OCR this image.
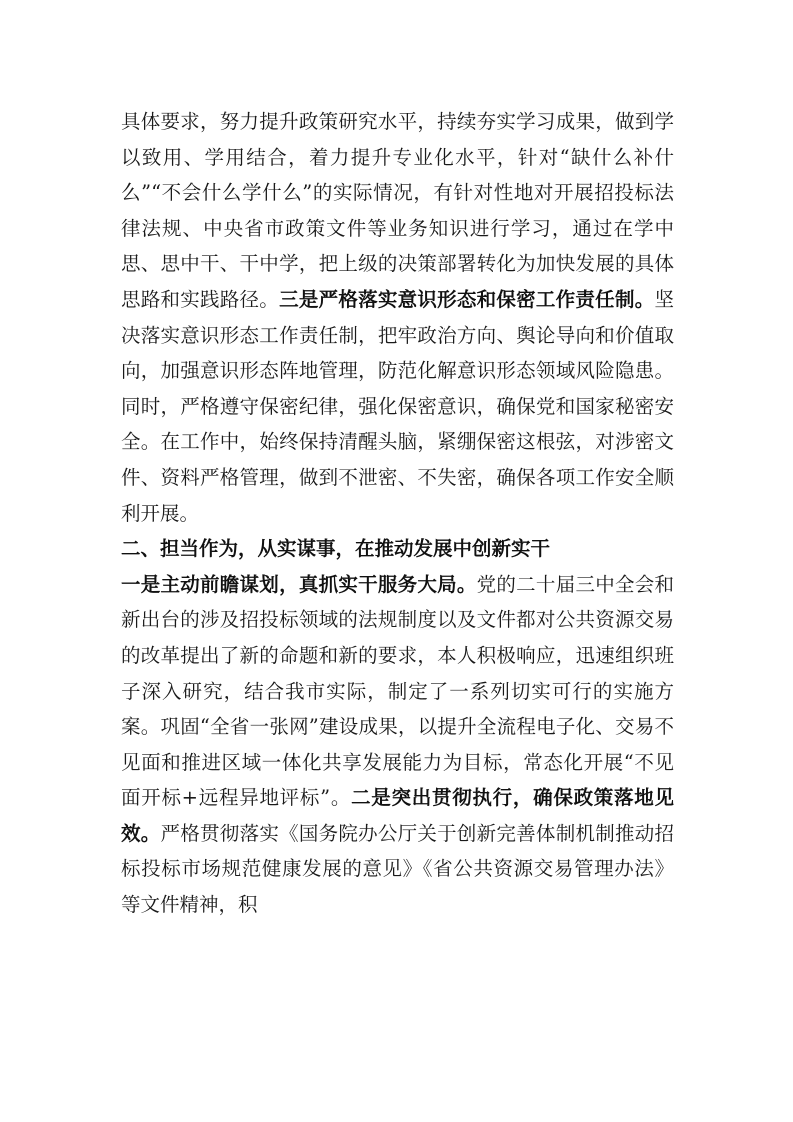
具体要求，努力提升政策研究水平，持续夯实学习成果，做到学以致用、学用结合，着力提升专业化水平，针对“缺什么补什么”“不会什么学什么”的实际情况，有针对性地对开展招投标法律法规、中央省市政策文件等业务知识进行学习，通过在学中思、思中干、干中学，把上级的决策部署转化为加快发展的具体思路和实践路径。三是严格落实意识形态和保密工作责任制。坚决落实意识形态工作责任制，把牢政治方向、舆论导向和价值取向，加强意识形态阵地管理，防范化解意识形态领域风险隐患。同时，严格遵守保密纪律，强化保密意识，确保党和国家秘密安全。在工作中，始终保持清醒头脑，紧绷保密这根弦，对涉密文件、资料严格管理，做到不泄密、不失密，确保各项工作安全顺利开展。

二、担当作为，从实谋事，在推动发展中创新实干

一是主动前瞻谋划，真抓实干服务大局。党的二十届三中全会和新出台的涉及招投标领域的法规制度以及文件都对公共资源交易的改革提出了新的命题和新的要求，本人积极响应，迅速组织班子深入研究，结合我市实际，制定了一系列切实可行的实施方案。巩固“全省一张网”建设成果，以提升全流程电子化、交易不见面和推进区域一体化共享发展能力为目标，常态化开展“不见面开标+远程异地评标”。二是突出贯彻执行，确保政策落地见效。严格贯彻落实《国务院办公厅关于创新完善体制机制推动招标投标市场规范健康发展的意见》《省公共资源交易管理办法》等文件精神，积
